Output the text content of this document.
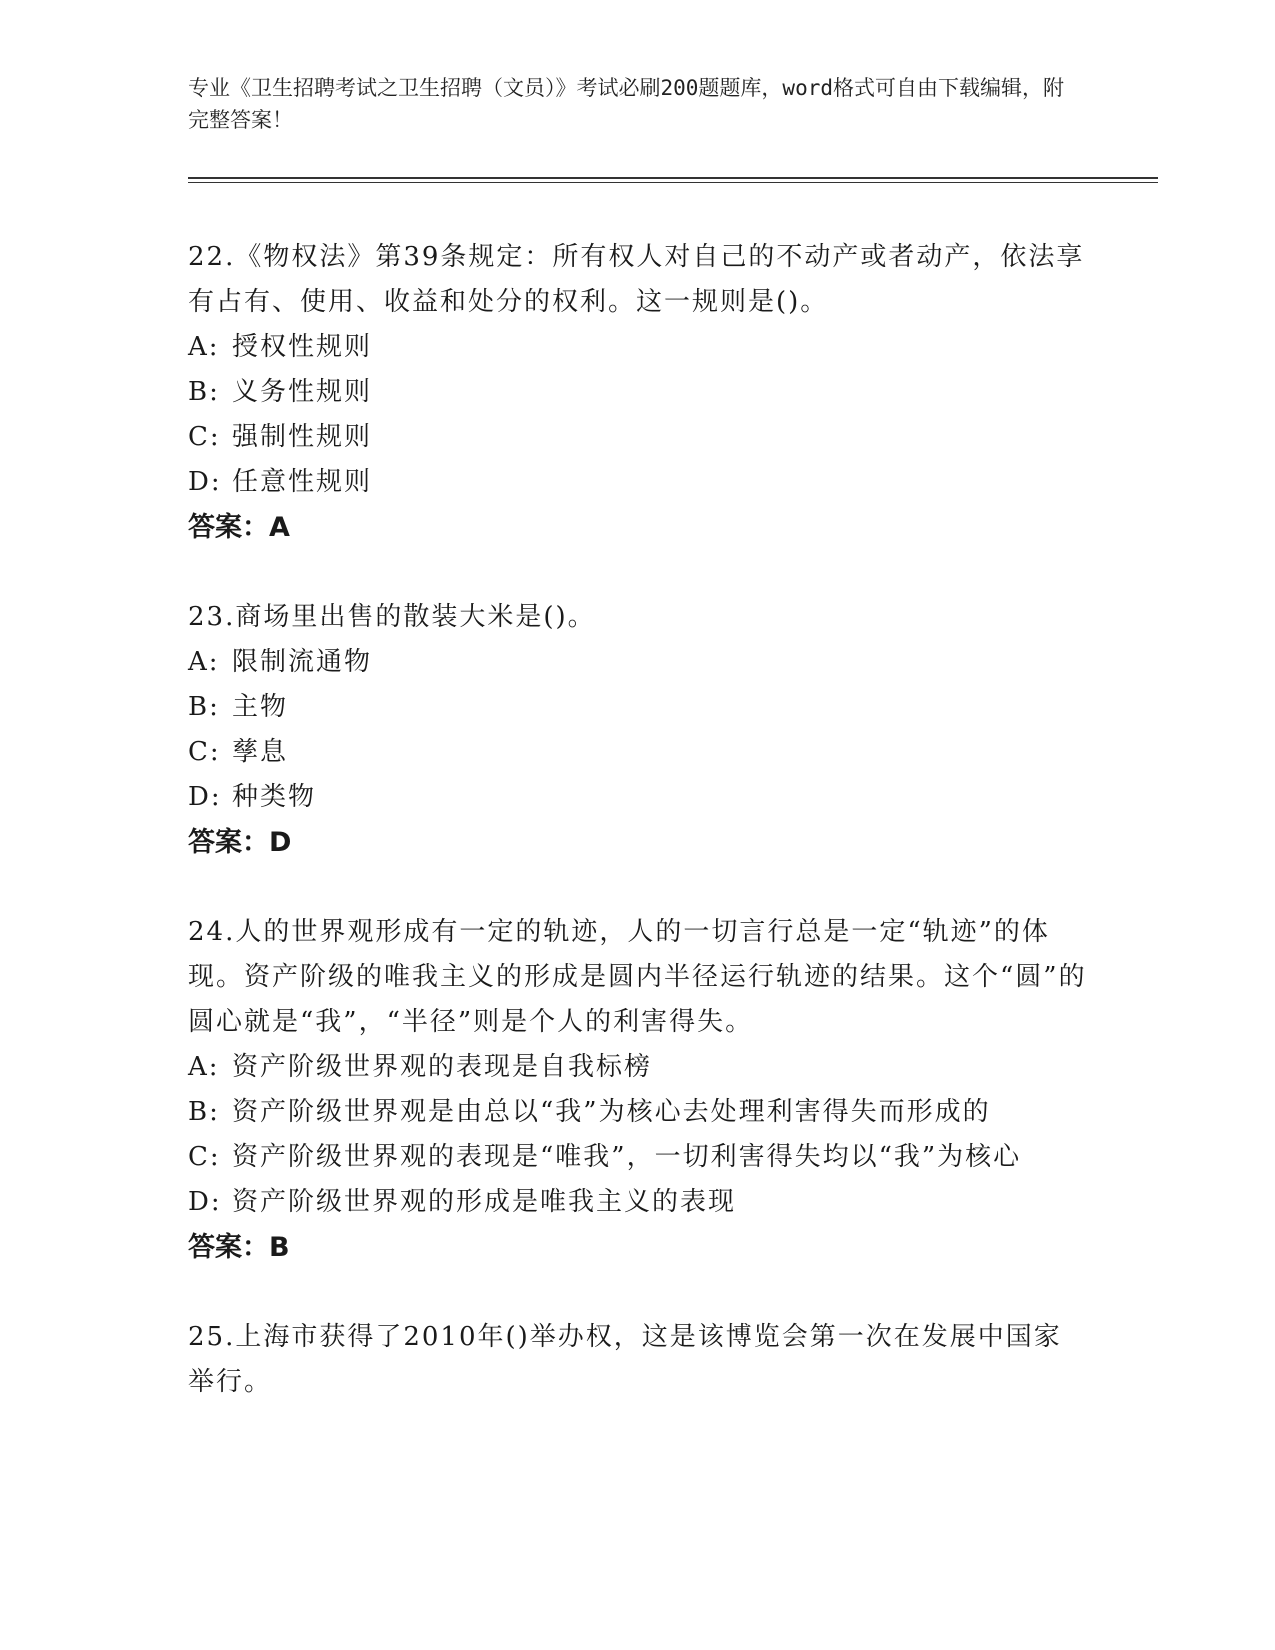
专业《卫生招聘考试之卫生招聘（文员）》考试必刷200题题库，word格式可自由下载编辑，附完整答案！
22.《物权法》第39条规定：所有权人对自己的不动产或者动产，依法享有占有、使用、收益和处分的权利。这一规则是()。
A: 授权性规则
B: 义务性规则
C: 强制性规则
D: 任意性规则
答案：A
23.商场里出售的散装大米是()。
A: 限制流通物
B: 主物
C: 孳息
D: 种类物
答案：D
24.人的世界观形成有一定的轨迹，人的一切言行总是一定“轨迹”的体现。资产阶级的唯我主义的形成是圆内半径运行轨迹的结果。这个“圆”的圆心就是“我”，“半径”则是个人的利害得失。
A: 资产阶级世界观的表现是自我标榜
B: 资产阶级世界观是由总以“我”为核心去处理利害得失而形成的
C: 资产阶级世界观的表现是“唯我”，一切利害得失均以“我”为核心
D: 资产阶级世界观的形成是唯我主义的表现
答案：B
25.上海市获得了2010年()举办权，这是该博览会第一次在发展中国家举行。
